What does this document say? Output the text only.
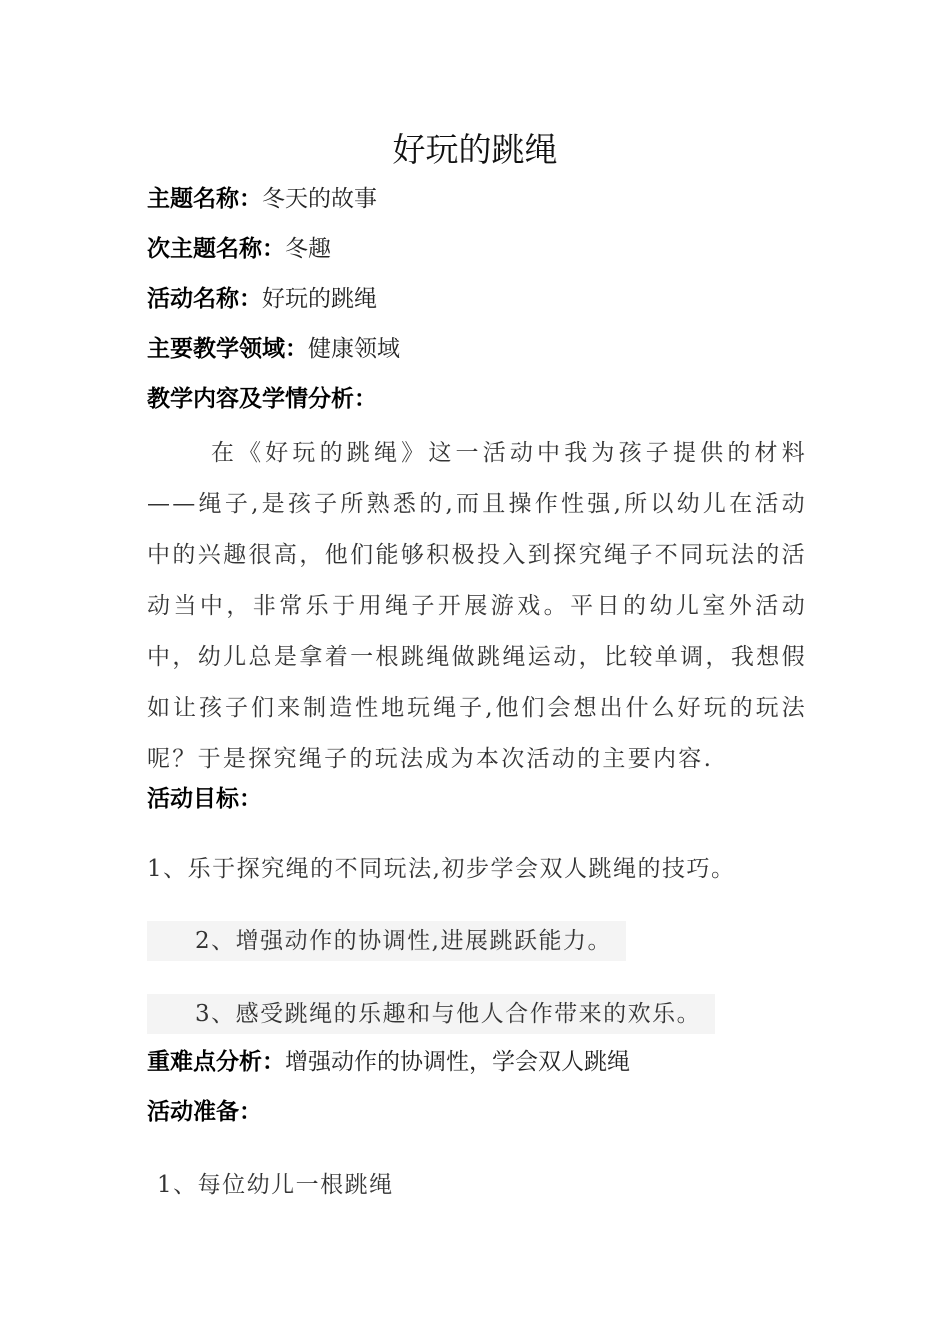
好玩的跳绳
主题名称：冬天的故事
次主题名称：冬趣
活动名称：好玩的跳绳
主要教学领域：健康领域
教学内容及学情分析：

在《好玩的跳绳》这一活动中我为孩子提供的材料——绳子,是孩子所熟悉的,而且操作性强,所以幼儿在活动中的兴趣很高，他们能够积极投入到探究绳子不同玩法的活动当中，非常乐于用绳子开展游戏。平日的幼儿室外活动中，幼儿总是拿着一根跳绳做跳绳运动，比较单调，我想假如让孩子们来制造性地玩绳子,他们会想出什么好玩的玩法呢？于是探究绳子的玩法成为本次活动的主要内容.

活动目标：
1、乐于探究绳的不同玩法,初步学会双人跳绳的技巧。
2、增强动作的协调性,进展跳跃能力。
3、感受跳绳的乐趣和与他人合作带来的欢乐。
重难点分析：增强动作的协调性，学会双人跳绳
活动准备：
1、每位幼儿一根跳绳
